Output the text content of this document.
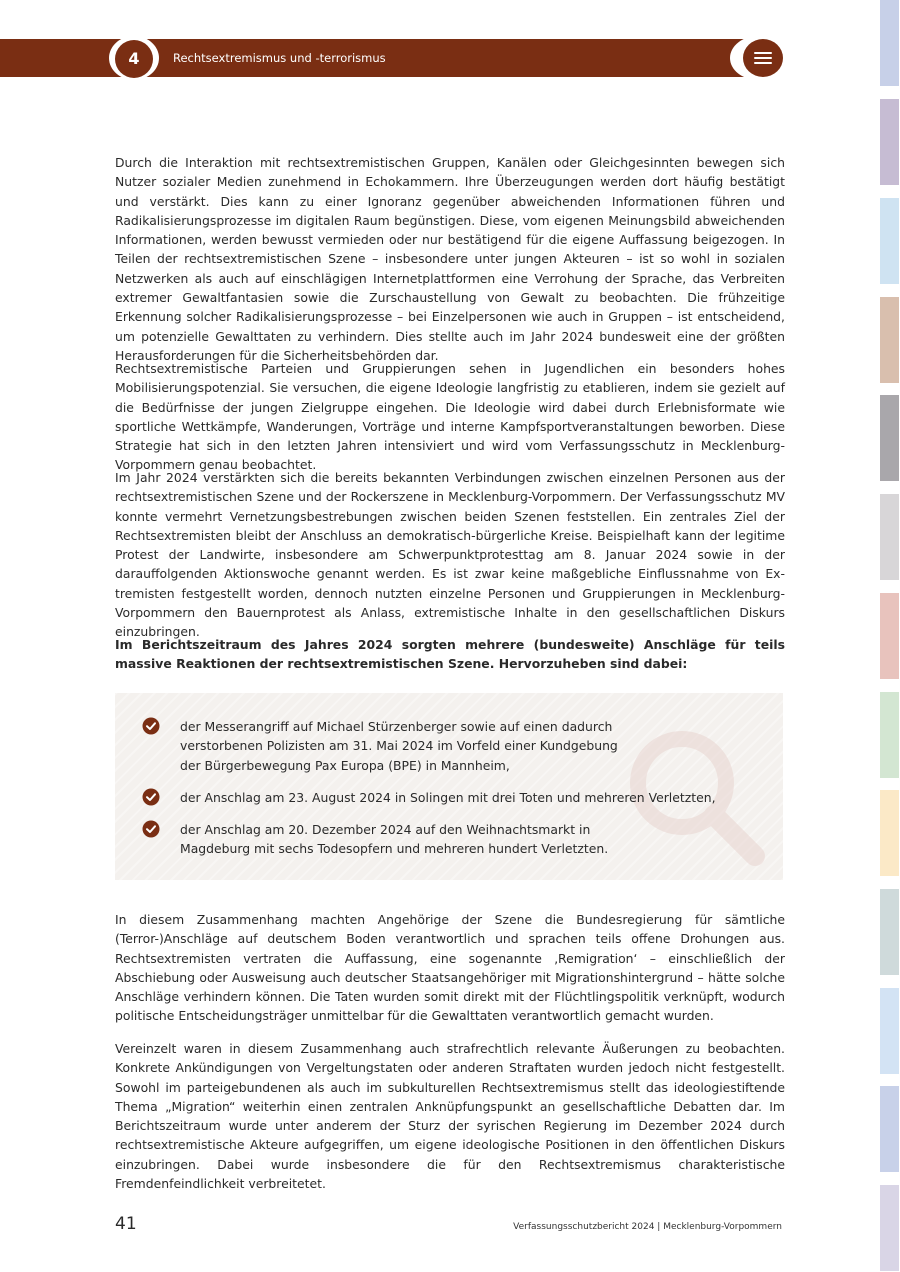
4	Rechtsextremismus und -terrorismus

Durch die Interaktion mit rechtsextremistischen Gruppen, Kanälen oder Gleichgesinnten bewegen sich Nutzer sozialer Medien zunehmend in Echokammern. Ihre Überzeugungen werden dort häufig bestätigt und verstärkt. Dies kann zu einer Ignoranz gegenüber abweichenden Informationen führen und Radikalisierungsprozesse im digitalen Raum begünstigen. Diese, vom eigenen Meinungsbild abweichenden Informationen, werden bewusst vermieden oder nur bestätigend für die eigene Auffassung beigezogen. In Teilen der rechtsextremistischen Szene – insbesondere unter jungen Akteuren – ist so wohl in sozialen Netzwerken als auch auf einschlägigen Internetplattformen eine Verrohung der Sprache, das Verbreiten extremer Gewaltfantasien sowie die Zurschaustellung von Gewalt zu beobachten. Die frühzeitige Erkennung solcher Radikalisierungsprozesse – bei Einzelpersonen wie auch in Gruppen – ist entscheidend, um potenzielle Gewalttaten zu verhindern. Dies stellte auch im Jahr 2024 bundesweit eine der größten Herausforderungen für die Sicherheitsbehörden dar.

Rechtsextremistische Parteien und Gruppierungen sehen in Jugendlichen ein besonders hohes Mobilisierungspotenzial. Sie versuchen, die eigene Ideologie langfristig zu etablieren, indem sie gezielt auf die Bedürfnisse der jungen Zielgruppe eingehen. Die Ideologie wird dabei durch Erlebnisformate wie sportliche Wettkämpfe, Wanderungen, Vorträge und interne Kampfsportveranstaltungen beworben. Diese Strategie hat sich in den letzten Jahren intensiviert und wird vom Verfassungsschutz in Mecklenburg-Vorpommern genau beobachtet.

Im Jahr 2024 verstärkten sich die bereits bekannten Verbindungen zwischen einzelnen Personen aus der rechtsextremistischen Szene und der Rockerszene in Mecklenburg-Vorpommern. Der Verfassungsschutz MV konnte vermehrt Vernetzungsbestrebungen zwischen beiden Szenen feststellen. Ein zentrales Ziel der Rechtsextremisten bleibt der Anschluss an demokratisch-bürgerliche Kreise. Beispielhaft kann der legitime Protest der Landwirte, insbesondere am Schwerpunktprotesttag am 8. Januar 2024 sowie in der darauffolgenden Aktionswoche genannt werden. Es ist zwar keine maßgebliche Einflussnahme von Extremisten festgestellt worden, dennoch nutzten einzelne Personen und Gruppierungen in Mecklenburg-Vorpommern den Bauernprotest als Anlass, extremistische Inhalte in den gesellschaftlichen Diskurs einzubringen.

Im Berichtszeitraum des Jahres 2024 sorgten mehrere (bundesweite) Anschläge für teils massive Reaktionen der rechtsextremistischen Szene. Hervorzuheben sind dabei:

der Messerangriff auf Michael Stürzenberger sowie auf einen dadurch verstorbenen Polizisten am 31. Mai 2024 im Vorfeld einer Kundgebung der Bürgerbewegung Pax Europa (BPE) in Mannheim,

der Anschlag am 23. August 2024 in Solingen mit drei Toten und mehreren Verletzten,

der Anschlag am 20. Dezember 2024 auf den Weihnachtsmarkt in Magdeburg mit sechs Todesopfern und mehreren hundert Verletzten.

In diesem Zusammenhang machten Angehörige der Szene die Bundesregierung für sämtliche (Terror-)Anschläge auf deutschem Boden verantwortlich und sprachen teils offene Drohungen aus. Rechtsextremisten vertraten die Auffassung, eine sogenannte ‚Remigration‘ – einschließlich der Abschiebung oder Ausweisung auch deutscher Staatsangehöriger mit Migrationshintergrund – hätte solche Anschläge verhindern können. Die Taten wurden somit direkt mit der Flüchtlingspolitik verknüpft, wodurch politische Entscheidungsträger unmittelbar für die Gewalttaten verantwortlich gemacht wurden.

Vereinzelt waren in diesem Zusammenhang auch strafrechtlich relevante Äußerungen zu beobachten. Konkrete Ankündigungen von Vergeltungstaten oder anderen Straftaten wurden jedoch nicht festgestellt. Sowohl im parteigebundenen als auch im subkulturellen Rechtsextremismus stellt das ideologiestiftende Thema „Migration“ weiterhin einen zentralen Anknüpfungspunkt an gesellschaftliche Debatten dar. Im Berichtszeitraum wurde unter anderem der Sturz der syrischen Regierung im Dezember 2024 durch rechtsextremistische Akteure aufgegriffen, um eigene ideologische Positionen in den öffentlichen Diskurs einzubringen. Dabei wurde insbesondere die für den Rechtsextremismus charakteristische Fremdenfeindlichkeit verbreitetet.

41	Verfassungsschutzbericht 2024 | Mecklenburg-Vorpommern
